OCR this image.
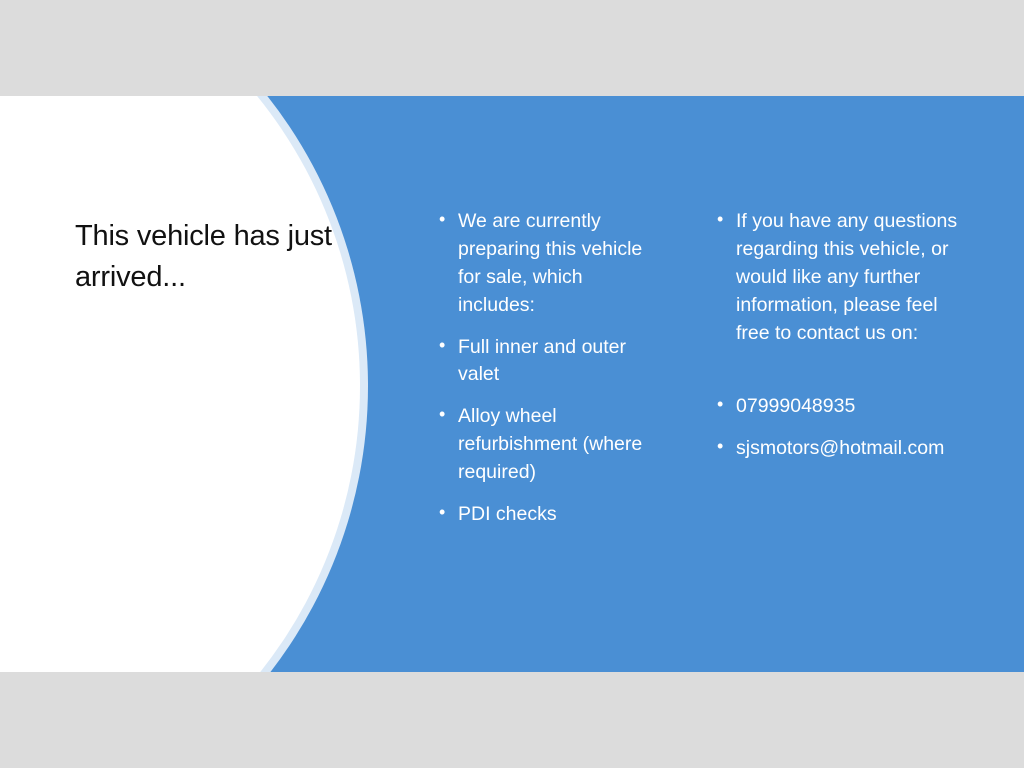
This vehicle has just arrived...
• We are currently preparing this vehicle for sale, which includes:
• Full inner and outer valet
• Alloy wheel refurbishment (where required)
• PDI checks
• If you have any questions regarding this vehicle, or would like any further information, please feel free to contact us on:
• 07999048935
• sjsmotors@hotmail.com
